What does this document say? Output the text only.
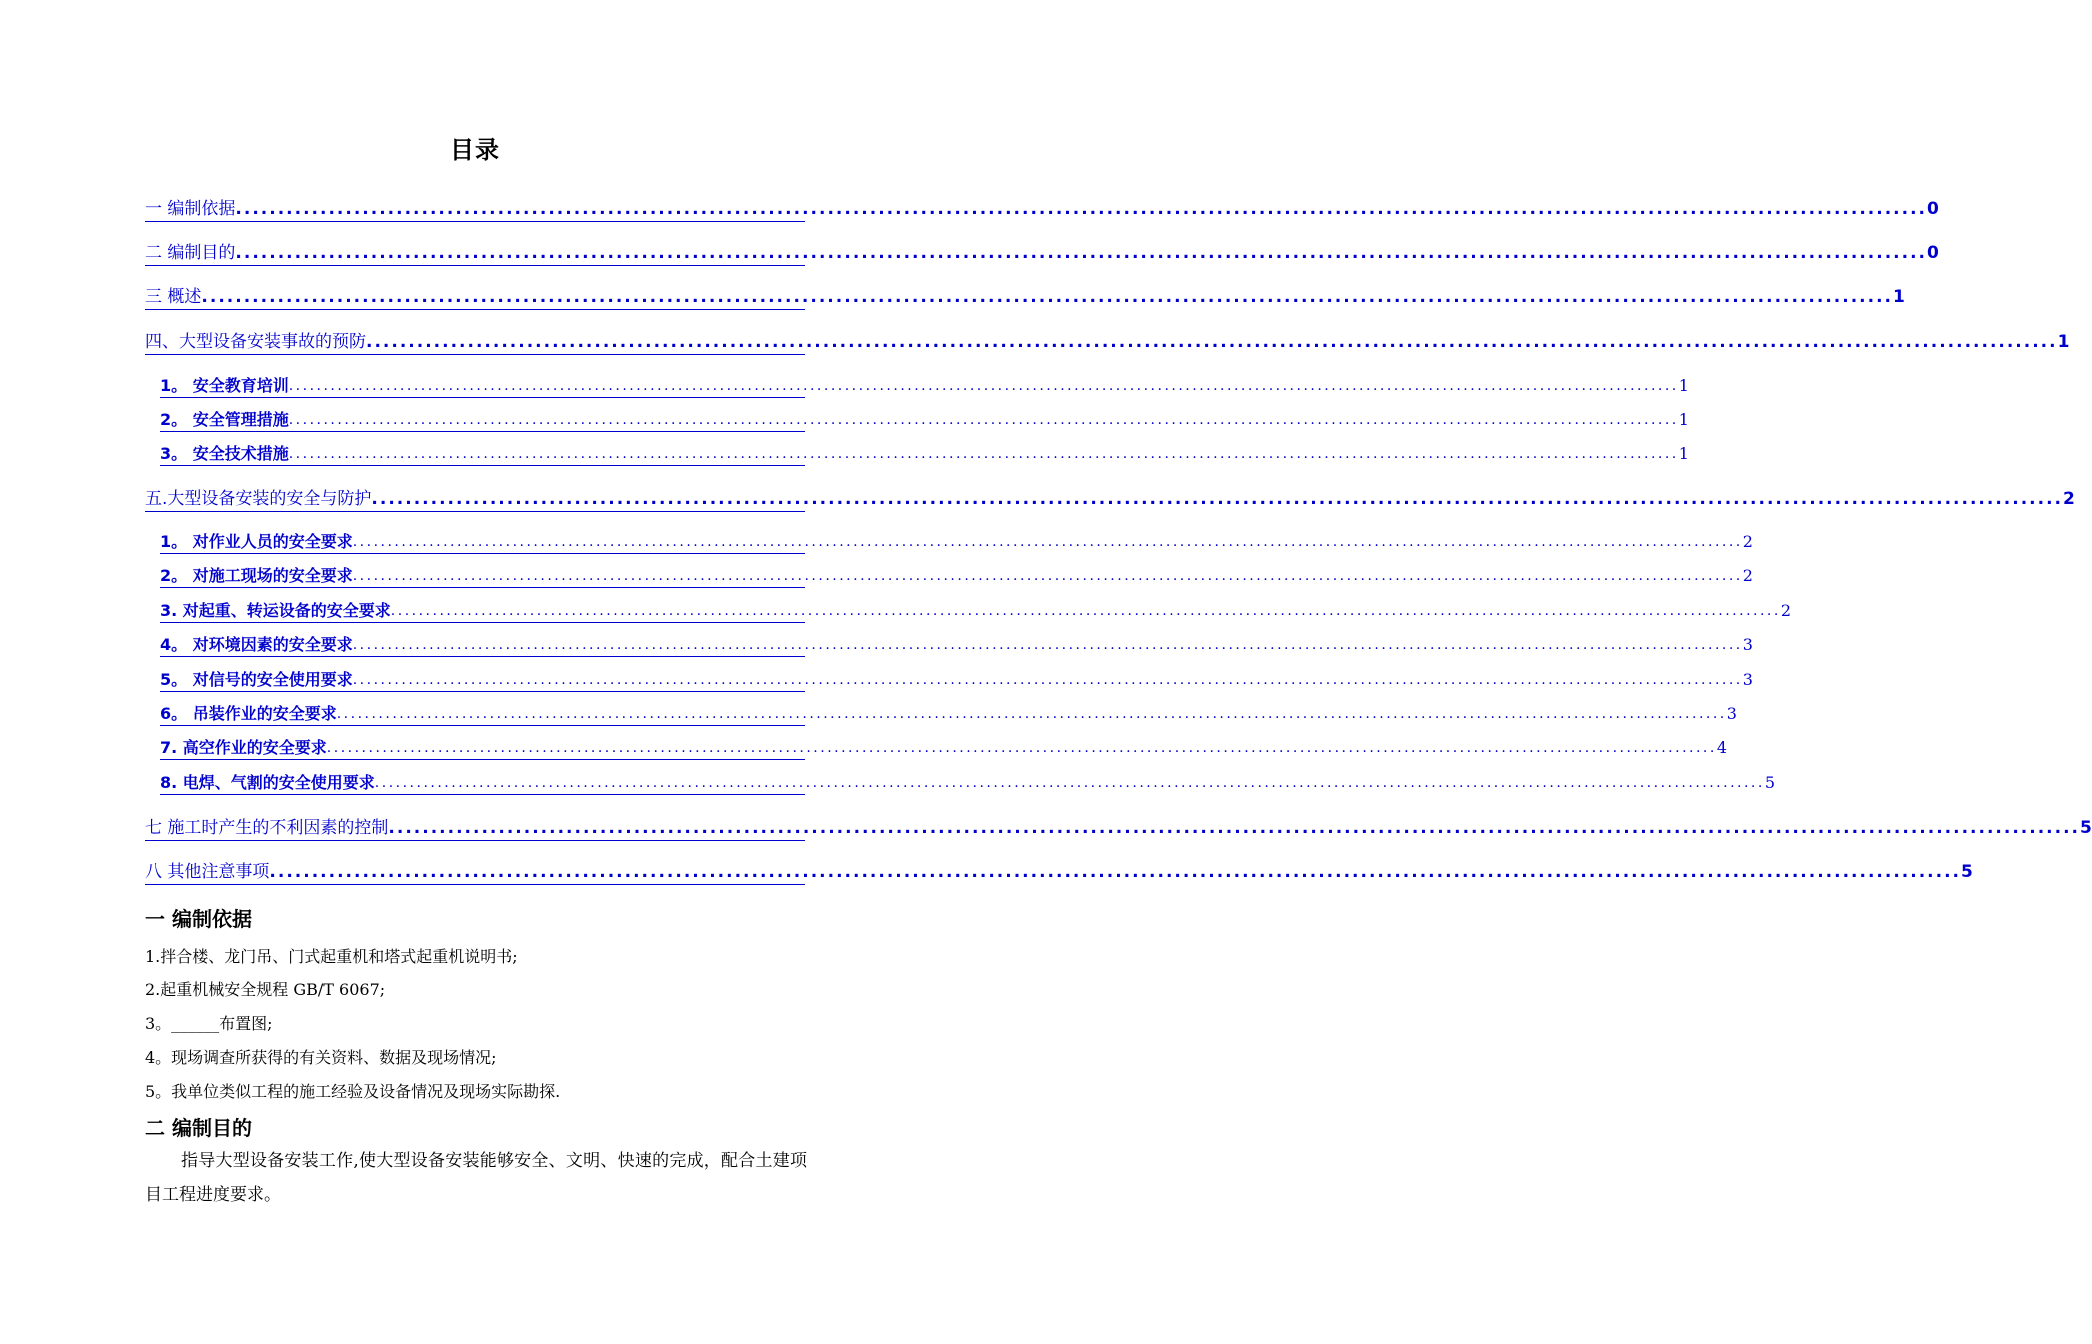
目录
一 编制依据 ........................................................................................................................................................................................................ 0
二 编制目的 ........................................................................................................................................................................................................ 0
三 概述 ........................................................................................................................................................................................................ 1
四、大型设备安装事故的预防 ........................................................................................................................................................................................................ 1
1。 安全教育培训 ........................................................................................................................................................................................................ 1
2。 安全管理措施 ........................................................................................................................................................................................................ 1
3。 安全技术措施 ........................................................................................................................................................................................................ 1
五.大型设备安装的安全与防护 ........................................................................................................................................................................................................ 2
1。 对作业人员的安全要求 ........................................................................................................................................................................................................ 2
2。 对施工现场的安全要求 ........................................................................................................................................................................................................ 2
3. 对起重、转运设备的安全要求 ........................................................................................................................................................................................................ 2
4。 对环境因素的安全要求 ........................................................................................................................................................................................................ 3
5。 对信号的安全使用要求 ........................................................................................................................................................................................................ 3
6。 吊装作业的安全要求 ........................................................................................................................................................................................................ 3
7. 高空作业的安全要求 ........................................................................................................................................................................................................ 4
8. 电焊、气割的安全使用要求 ........................................................................................................................................................................................................ 5
七 施工时产生的不利因素的控制 ........................................................................................................................................................................................................ 5
八 其他注意事项 ........................................................................................................................................................................................................ 5
一 编制依据
1.拌合楼、龙门吊、门式起重机和塔式起重机说明书;
2.起重机械安全规程 GB/T 6067;
3。______布置图;
4。现场调查所获得的有关资料、数据及现场情况;
5。我单位类似工程的施工经验及设备情况及现场实际勘探.
二 编制目的
指导大型设备安装工作,使大型设备安装能够安全、文明、快速的完成，配合土建项目工程进度要求。
